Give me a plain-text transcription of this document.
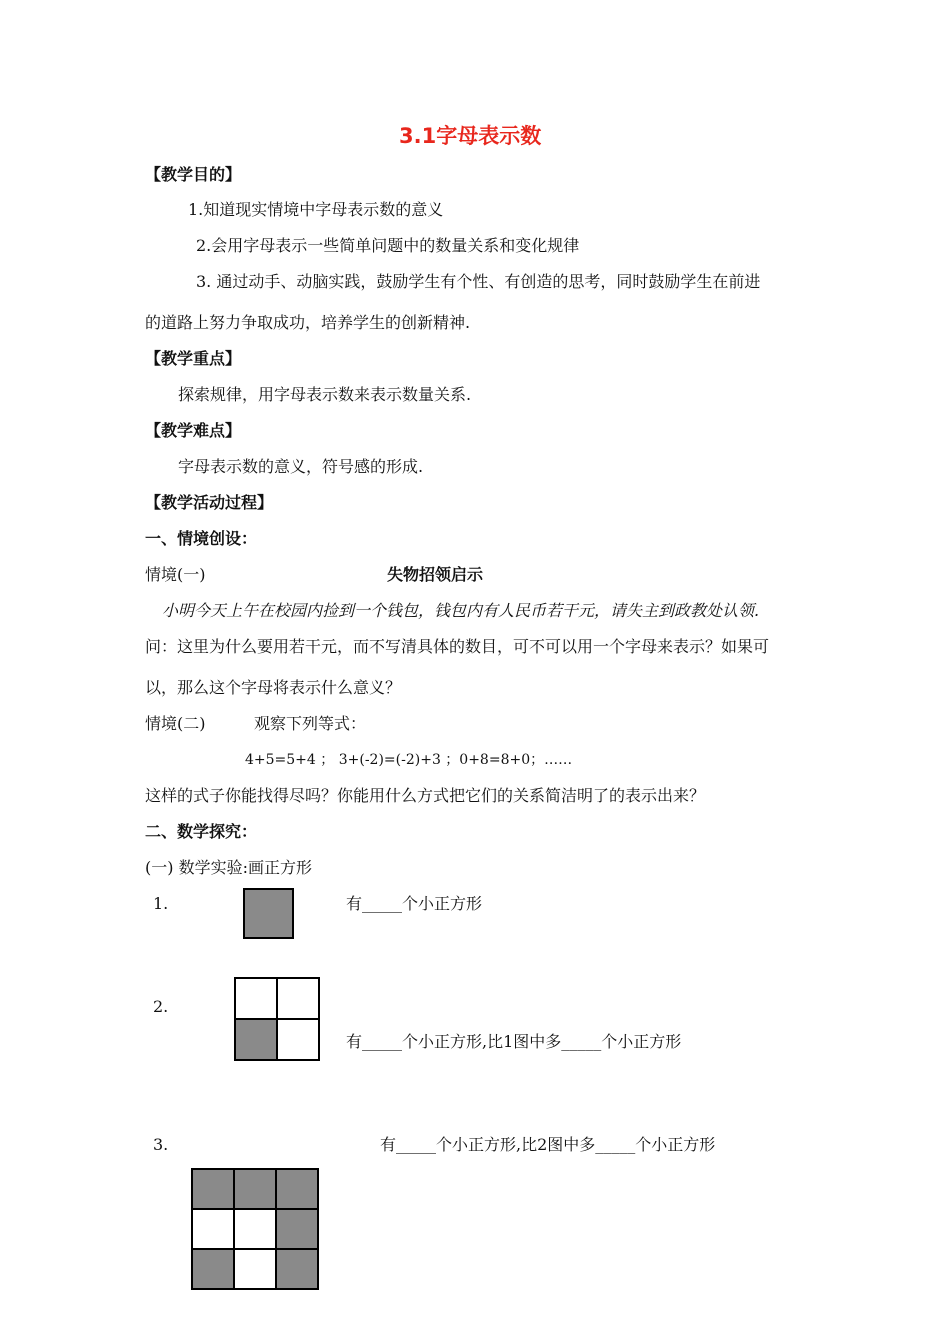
3.1字母表示数
【教学目的】
1.知道现实情境中字母表示数的意义
2.会用字母表示一些简单问题中的数量关系和变化规律
3. 通过动手、动脑实践，鼓励学生有个性、有创造的思考，同时鼓励学生在前进
的道路上努力争取成功，培养学生的创新精神.
【教学重点】
探索规律，用字母表示数来表示数量关系.
【教学难点】
字母表示数的意义，符号感的形成.
【教学活动过程】
一、情境创设：
情境(一)	失物招领启示
小明今天上午在校园内捡到一个钱包，钱包内有人民币若干元，请失主到政教处认领.
问：这里为什么要用若干元，而不写清具体的数目，可不可以用一个字母来表示？如果可
以，那么这个字母将表示什么意义？
情境(二)	观察下列等式：
4+5=5+4 ； 3+(-2)=(-2)+3 ；0+8=8+0；……
这样的式子你能找得尽吗？你能用什么方式把它们的关系简洁明了的表示出来？
二、数学探究：
(一) 数学实验:画正方形
1.	有_____个小正方形
2.

有_____个小正方形,比1图中多_____个小正方形
3.	有_____个小正方形,比2图中多_____个小正方形
